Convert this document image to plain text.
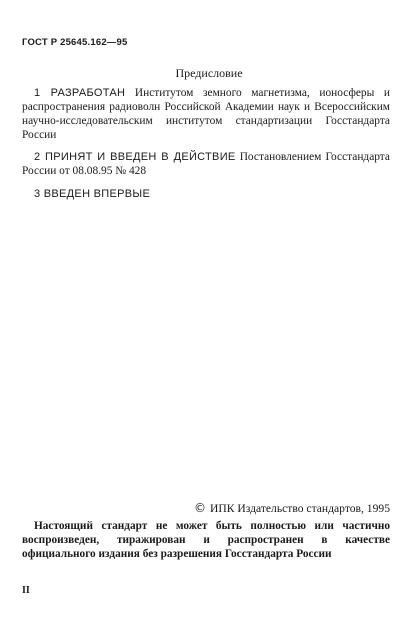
ГОСТ Р 25645.162—95
Предисловие

1 РАЗРАБОТАН Институтом земного магнетизма, ионосферы и распространения радиоволн Российской Академии наук и Всероссийским научно-исследовательским институтом стандартизации Госстандарта России

2 ПРИНЯТ И ВВЕДЕН В ДЕЙСТВИЕ Постановлением Госстандарта России от 08.08.95 № 428

3 ВВЕДЕН ВПЕРВЫЕ

© ИПК Издательство стандартов, 1995

Настоящий стандарт не может быть полностью или частично воспроизведен, тиражирован и распространен в качестве официального издания без разрешения Госстандарта России

II
